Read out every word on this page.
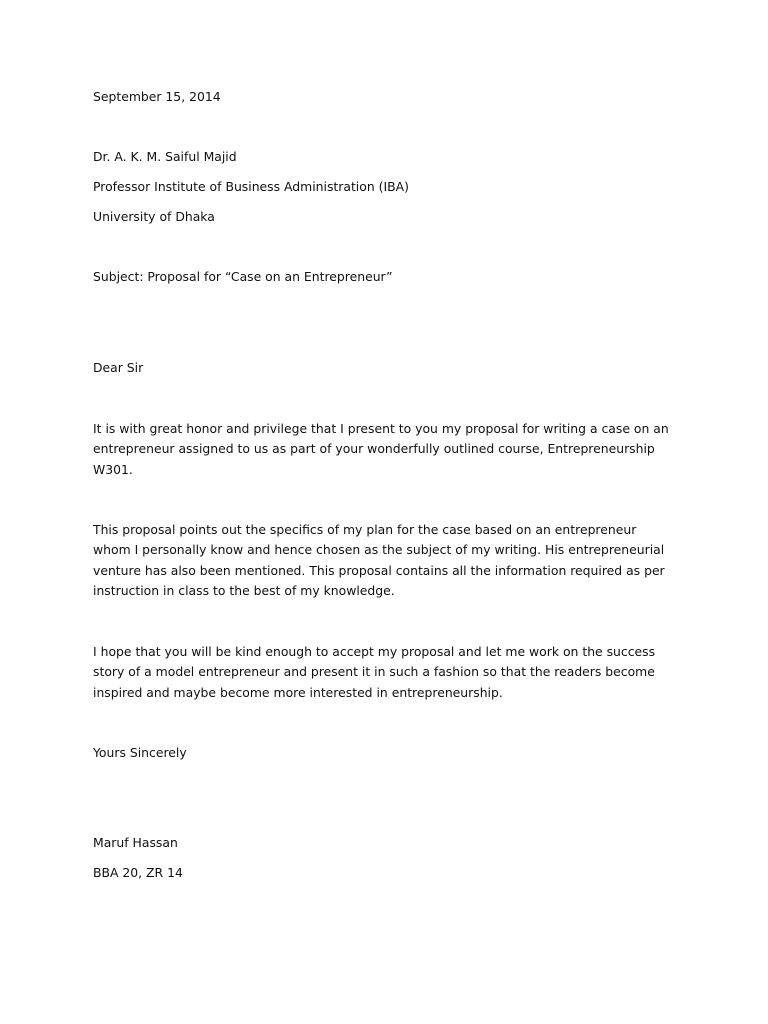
September 15, 2014

Dr. A. K. M. Saiful Majid

Professor Institute of Business Administration (IBA)

University of Dhaka

Subject: Proposal for “Case on an Entrepreneur”

Dear Sir

It is with great honor and privilege that I present to you my proposal for writing a case on an
entrepreneur assigned to us as part of your wonderfully outlined course, Entrepreneurship
W301.
This proposal points out the specifics of my plan for the case based on an entrepreneur
whom I personally know and hence chosen as the subject of my writing. His entrepreneurial
venture has also been mentioned. This proposal contains all the information required as per
instruction in class to the best of my knowledge.
I hope that you will be kind enough to accept my proposal and let me work on the success
story of a model entrepreneur and present it in such a fashion so that the readers become
inspired and maybe become more interested in entrepreneurship.

Yours Sincerely

Maruf Hassan

BBA 20, ZR 14
